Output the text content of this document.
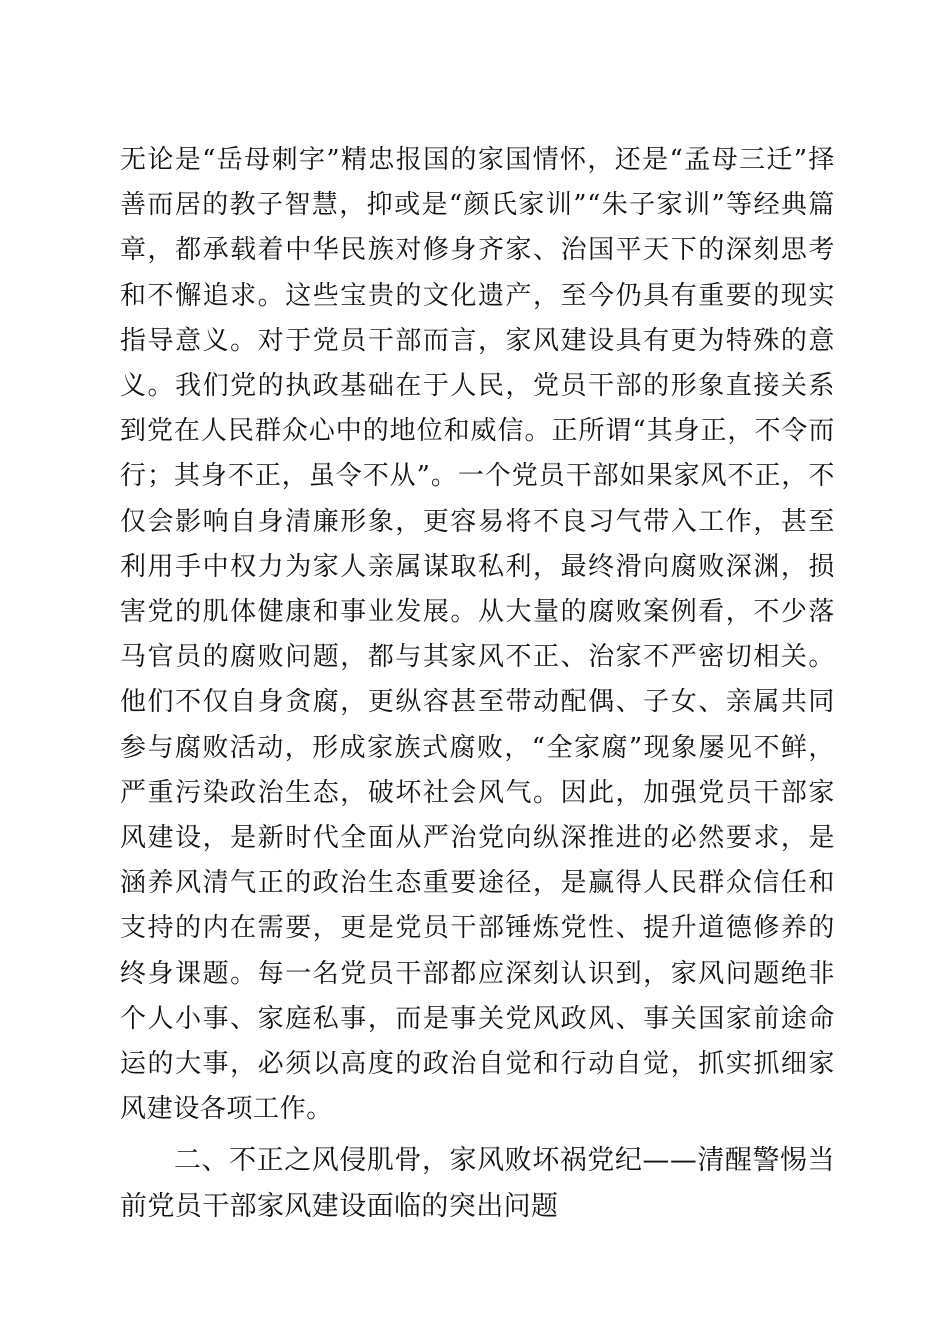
无论是“岳母刺字”精忠报国的家国情怀，还是“孟母三迁”择善而居的教子智慧，抑或是“颜氏家训”“朱子家训”等经典篇章，都承载着中华民族对修身齐家、治国平天下的深刻思考和不懈追求。这些宝贵的文化遗产，至今仍具有重要的现实指导意义。对于党员干部而言，家风建设具有更为特殊的意义。我们党的执政基础在于人民，党员干部的形象直接关系到党在人民群众心中的地位和威信。正所谓“其身正，不令而行；其身不正，虽令不从”。一个党员干部如果家风不正，不仅会影响自身清廉形象，更容易将不良习气带入工作，甚至利用手中权力为家人亲属谋取私利，最终滑向腐败深渊，损害党的肌体健康和事业发展。从大量的腐败案例看，不少落马官员的腐败问题，都与其家风不正、治家不严密切相关。他们不仅自身贪腐，更纵容甚至带动配偶、子女、亲属共同参与腐败活动，形成家族式腐败，“全家腐”现象屡见不鲜，严重污染政治生态，破坏社会风气。因此，加强党员干部家风建设，是新时代全面从严治党向纵深推进的必然要求，是涵养风清气正的政治生态重要途径，是赢得人民群众信任和支持的内在需要，更是党员干部锤炼党性、提升道德修养的终身课题。每一名党员干部都应深刻认识到，家风问题绝非个人小事、家庭私事，而是事关党风政风、事关国家前途命运的大事，必须以高度的政治自觉和行动自觉，抓实抓细家风建设各项工作。

二、不正之风侵肌骨，家风败坏祸党纪——清醒警惕当前党员干部家风建设面临的突出问题
